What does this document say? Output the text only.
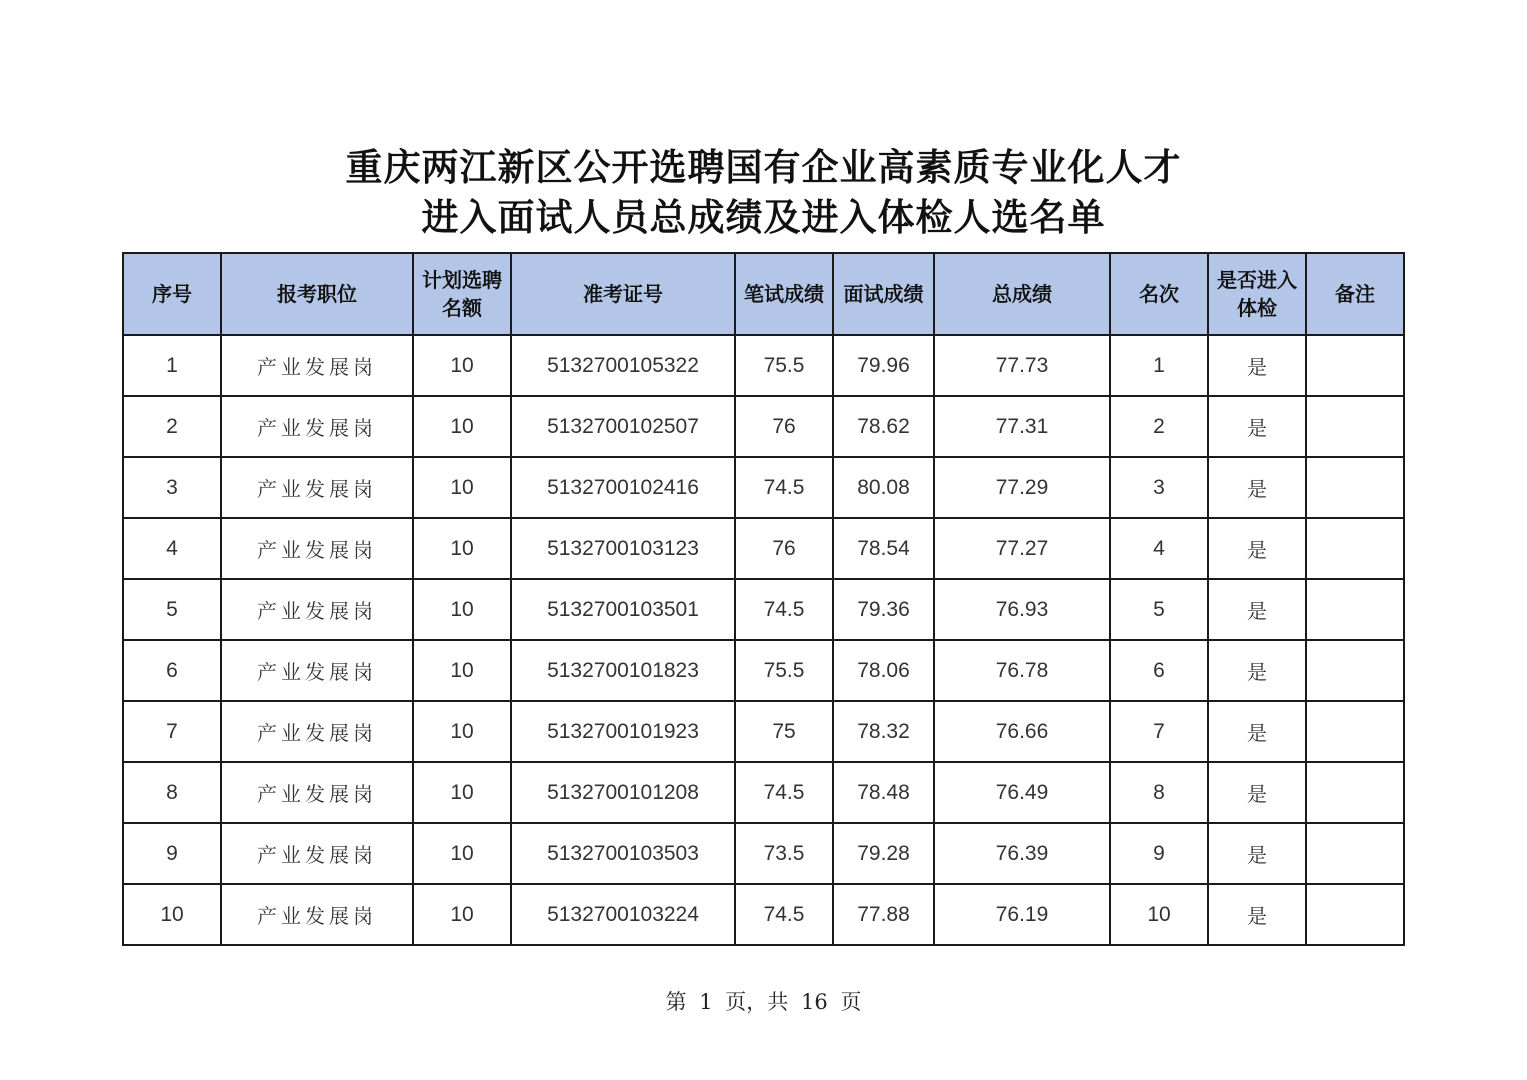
重庆两江新区公开选聘国有企业高素质专业化人才
进入面试人员总成绩及进入体检人选名单
序号	报考职位	计划选聘名额	准考证号	笔试成绩	面试成绩	总成绩	名次	是否进入体检	备注
1	产业发展岗	10	5132700105322	75.5	79.96	77.73	1	是	
2	产业发展岗	10	5132700102507	76	78.62	77.31	2	是	
3	产业发展岗	10	5132700102416	74.5	80.08	77.29	3	是	
4	产业发展岗	10	5132700103123	76	78.54	77.27	4	是	
5	产业发展岗	10	5132700103501	74.5	79.36	76.93	5	是	
6	产业发展岗	10	5132700101823	75.5	78.06	76.78	6	是	
7	产业发展岗	10	5132700101923	75	78.32	76.66	7	是	
8	产业发展岗	10	5132700101208	74.5	78.48	76.49	8	是	
9	产业发展岗	10	5132700103503	73.5	79.28	76.39	9	是	
10	产业发展岗	10	5132700103224	74.5	77.88	76.19	10	是	
第 1 页，共 16 页
